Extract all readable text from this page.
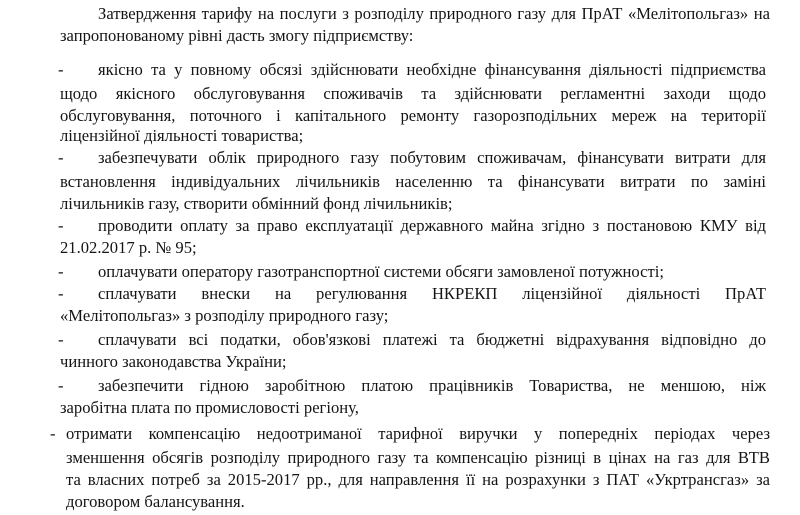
Затвердження тарифу на послуги з розподілу природного газу для ПрАТ «Мелітопольгаз» на
запропонованому рівні дасть змогу підприємству:
- якісно та у повному обсязі здійснювати необхідне фінансування діяльності підприємства
щодо якісного обслуговування споживачів та здійснювати регламентні заходи щодо
обслуговування, поточного і капітального ремонту газорозподільних мереж на території
ліцензійної діяльності товариства;
- забезпечувати облік природного газу побутовим споживачам, фінансувати витрати для
встановлення індивідуальних лічильників населенню та фінансувати витрати по заміні
лічильників газу, створити обмінний фонд лічильників;
- проводити оплату за право експлуатації державного майна згідно з постановою КМУ від
21.02.2017 р. № 95;
- оплачувати оператору газотранспортної системи обсяги замовленої потужності;
- сплачувати внески на регулювання НКРЕКП ліцензійної діяльності ПрАТ
«Мелітопольгаз» з розподілу природного газу;
- сплачувати всі податки, обов'язкові платежі та бюджетні відрахування відповідно до
чинного законодавства України;
- забезпечити гідною заробітною платою працівників Товариства, не меншою, ніж
заробітна плата по промисловості регіону,
- отримати компенсацію недоотриманої тарифної виручки у попередніх періодах через
зменшення обсягів розподілу природного газу та компенсацію різниці в цінах на газ для ВТВ
та власних потреб за 2015-2017 рр., для направлення її на розрахунки з ПАТ «Укртрансгаз» за
договором балансування.
